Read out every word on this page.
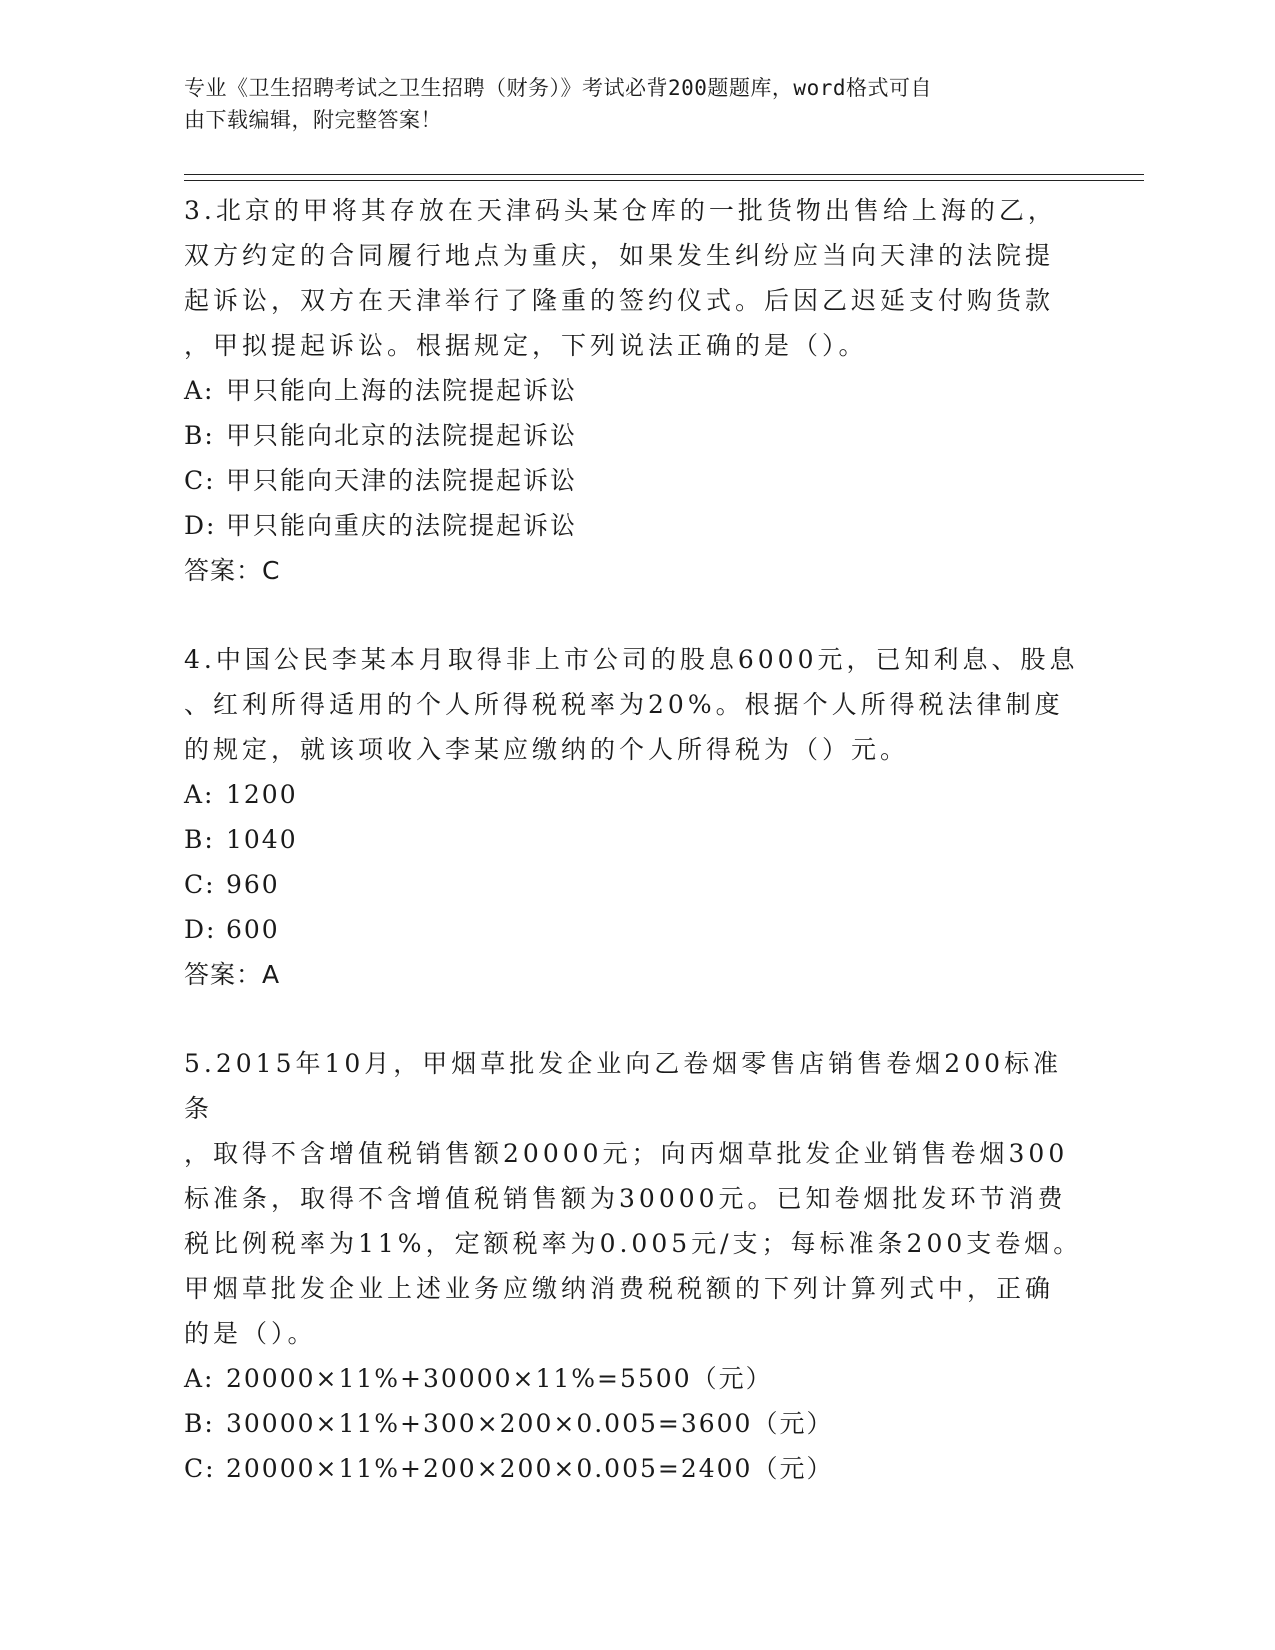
专业《卫生招聘考试之卫生招聘（财务）》考试必背200题题库，word格式可自
由下载编辑，附完整答案！

3.北京的甲将其存放在天津码头某仓库的一批货物出售给上海的乙，

双方约定的合同履行地点为重庆，如果发生纠纷应当向天津的法院提

起诉讼，双方在天津举行了隆重的签约仪式。后因乙迟延支付购货款

，甲拟提起诉讼。根据规定，下列说法正确的是（）。

A: 甲只能向上海的法院提起诉讼

B: 甲只能向北京的法院提起诉讼

C: 甲只能向天津的法院提起诉讼

D: 甲只能向重庆的法院提起诉讼

答案：C

4.中国公民李某本月取得非上市公司的股息6000元，已知利息、股息

、红利所得适用的个人所得税税率为20%。根据个人所得税法律制度

的规定，就该项收入李某应缴纳的个人所得税为（）元。

A: 1200

B: 1040

C: 960

D: 600

答案：A

5.2015年10月，甲烟草批发企业向乙卷烟零售店销售卷烟200标准条

，取得不含增值税销售额20000元；向丙烟草批发企业销售卷烟300

标准条，取得不含增值税销售额为30000元。已知卷烟批发环节消费

税比例税率为11%，定额税率为0.005元/支；每标准条200支卷烟。

甲烟草批发企业上述业务应缴纳消费税税额的下列计算列式中，正确

的是（）。

A: 20000×11%+30000×11%=5500（元）

B: 30000×11%+300×200×0.005=3600（元）

C: 20000×11%+200×200×0.005=2400（元）
